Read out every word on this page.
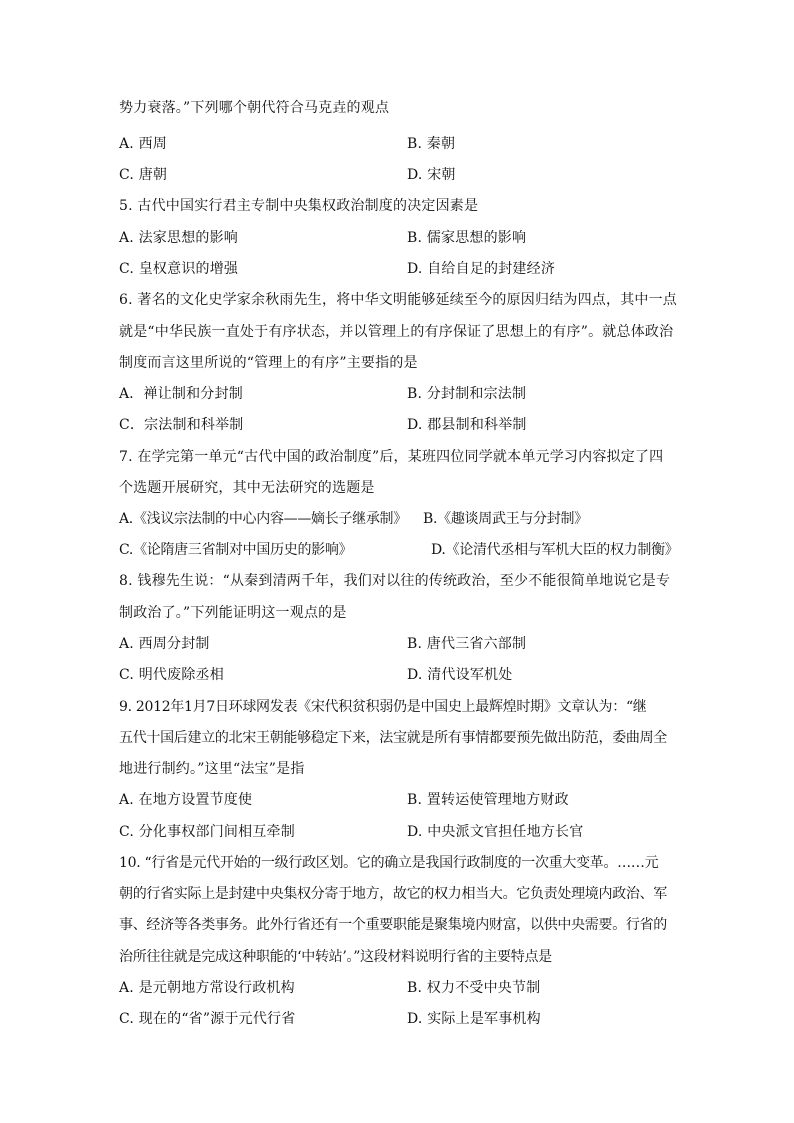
势力衰落。”下列哪个朝代符合马克垚的观点
A. 西周	B. 秦朝
C. 唐朝	D. 宋朝
5. 古代中国实行君主专制中央集权政治制度的决定因素是
A. 法家思想的影响	B. 儒家思想的影响
C. 皇权意识的增强	D. 自给自足的封建经济
6. 著名的文化史学家余秋雨先生，将中华文明能够延续至今的原因归结为四点，其中一点
就是“中华民族一直处于有序状态，并以管理上的有序保证了思想上的有序”。就总体政治
制度而言这里所说的“管理上的有序”主要指的是
A．禅让制和分封制	B. 分封制和宗法制
C．宗法制和科举制	D. 郡县制和科举制
7. 在学完第一单元“古代中国的政治制度”后，某班四位同学就本单元学习内容拟定了四
个选题开展研究，其中无法研究的选题是
A.《浅议宗法制的中心内容——嫡长子继承制》 B.《趣谈周武王与分封制》
C.《论隋唐三省制对中国历史的影响》	D.《论清代丞相与军机大臣的权力制衡》
8. 钱穆先生说：“从秦到清两千年，我们对以往的传统政治，至少不能很简单地说它是专
制政治了。”下列能证明这一观点的是
A. 西周分封制	B. 唐代三省六部制
C. 明代废除丞相	D. 清代设军机处
9. 2012年1月7日环球网发表《宋代积贫积弱仍是中国史上最辉煌时期》文章认为：“继
五代十国后建立的北宋王朝能够稳定下来，法宝就是所有事情都要预先做出防范，委曲周全
地进行制约。”这里“法宝”是指
A. 在地方设置节度使	B. 置转运使管理地方财政
C. 分化事权部门间相互牵制	D. 中央派文官担任地方长官
10. “行省是元代开始的一级行政区划。它的确立是我国行政制度的一次重大变革。……元
朝的行省实际上是封建中央集权分寄于地方，故它的权力相当大。它负责处理境内政治、军
事、经济等各类事务。此外行省还有一个重要职能是聚集境内财富，以供中央需要。行省的
治所往往就是完成这种职能的‘中转站’。”这段材料说明行省的主要特点是
A. 是元朝地方常设行政机构	B. 权力不受中央节制
C. 现在的“省”源于元代行省	D. 实际上是军事机构
